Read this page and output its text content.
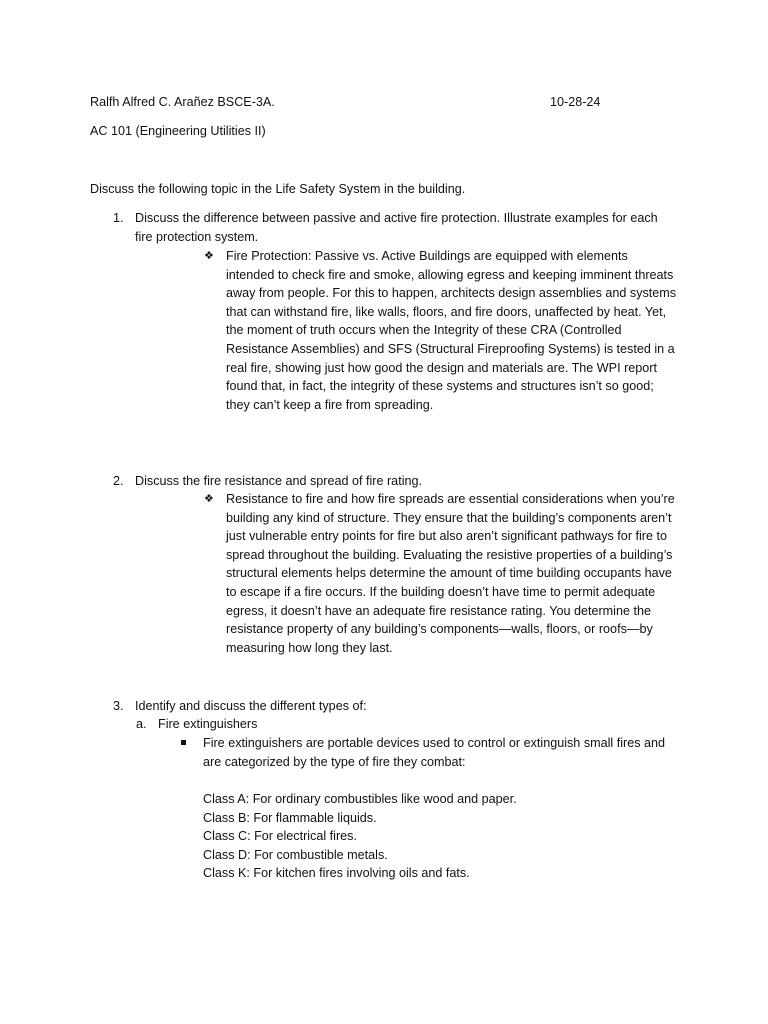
Ralfh Alfred C. Arañez BSCE-3A.	10-28-24
AC 101 (Engineering Utilities II)
Discuss the following topic in the Life Safety System in the building.
1. Discuss the difference between passive and active fire protection. Illustrate examples for each fire protection system.
❖ Fire Protection: Passive vs. Active Buildings are equipped with elements intended to check fire and smoke, allowing egress and keeping imminent threats away from people. For this to happen, architects design assemblies and systems that can withstand fire, like walls, floors, and fire doors, unaffected by heat. Yet, the moment of truth occurs when the Integrity of these CRA (Controlled Resistance Assemblies) and SFS (Structural Fireproofing Systems) is tested in a real fire, showing just how good the design and materials are. The WPI report found that, in fact, the integrity of these systems and structures isn’t so good; they can’t keep a fire from spreading.
2. Discuss the fire resistance and spread of fire rating.
❖ Resistance to fire and how fire spreads are essential considerations when you’re building any kind of structure. They ensure that the building’s components aren’t just vulnerable entry points for fire but also aren’t significant pathways for fire to spread throughout the building. Evaluating the resistive properties of a building’s structural elements helps determine the amount of time building occupants have to escape if a fire occurs. If the building doesn’t have time to permit adequate egress, it doesn’t have an adequate fire resistance rating. You determine the resistance property of any building’s components—walls, floors, or roofs—by measuring how long they last.
3. Identify and discuss the different types of:
a. Fire extinguishers
Fire extinguishers are portable devices used to control or extinguish small fires and are categorized by the type of fire they combat:
Class A: For ordinary combustibles like wood and paper.
Class B: For flammable liquids.
Class C: For electrical fires.
Class D: For combustible metals.
Class K: For kitchen fires involving oils and fats.
